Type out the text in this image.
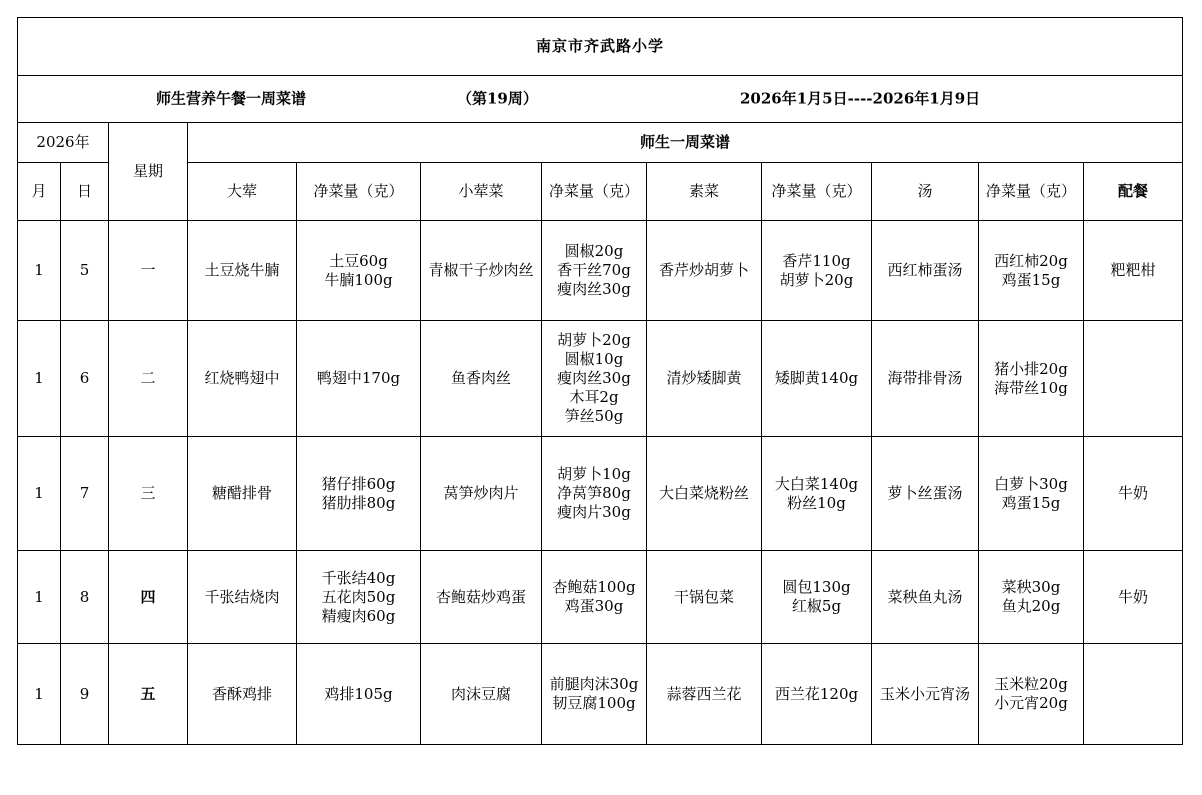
南京市齐武路小学											

师生营养午餐一周菜谱 （第19周） 2026年1月5日----2026年1月9日											

2026年		星期	师生一周菜谱								
月	日		大荤	净菜量（克）	小荤菜	净菜量（克）	素菜	净菜量（克）	汤	净菜量（克）	配餐
1	5	一	土豆烧牛腩	土豆60g
牛腩100g	青椒干子炒肉丝	圆椒20g
香干丝70g
瘦肉丝30g	香芹炒胡萝卜	香芹110g
胡萝卜20g	西红柿蛋汤	西红柿20g
鸡蛋15g	粑粑柑
1	6	二	红烧鸭翅中	鸭翅中170g	鱼香肉丝	胡萝卜20g
圆椒10g
瘦肉丝30g
木耳2g
笋丝50g	清炒矮脚黄	矮脚黄140g	海带排骨汤	猪小排20g
海带丝10g	

1	7	三	糖醋排骨	猪仔排60g
猪肋排80g	莴笋炒肉片	胡萝卜10g
净莴笋80g
瘦肉片30g	大白菜烧粉丝	大白菜140g
粉丝10g	萝卜丝蛋汤	白萝卜30g
鸡蛋15g	牛奶
1	8	四	千张结烧肉	千张结40g
五花肉50g
精瘦肉60g	杏鲍菇炒鸡蛋	杏鲍菇100g
鸡蛋30g	干锅包菜	圆包130g
红椒5g	菜秧鱼丸汤	菜秧30g
鱼丸20g	牛奶
1	9	五	香酥鸡排	鸡排105g	肉沫豆腐	前腿肉沫30g
韧豆腐100g	蒜蓉西兰花	西兰花120g	玉米小元宵汤	玉米粒20g
小元宵20g	
